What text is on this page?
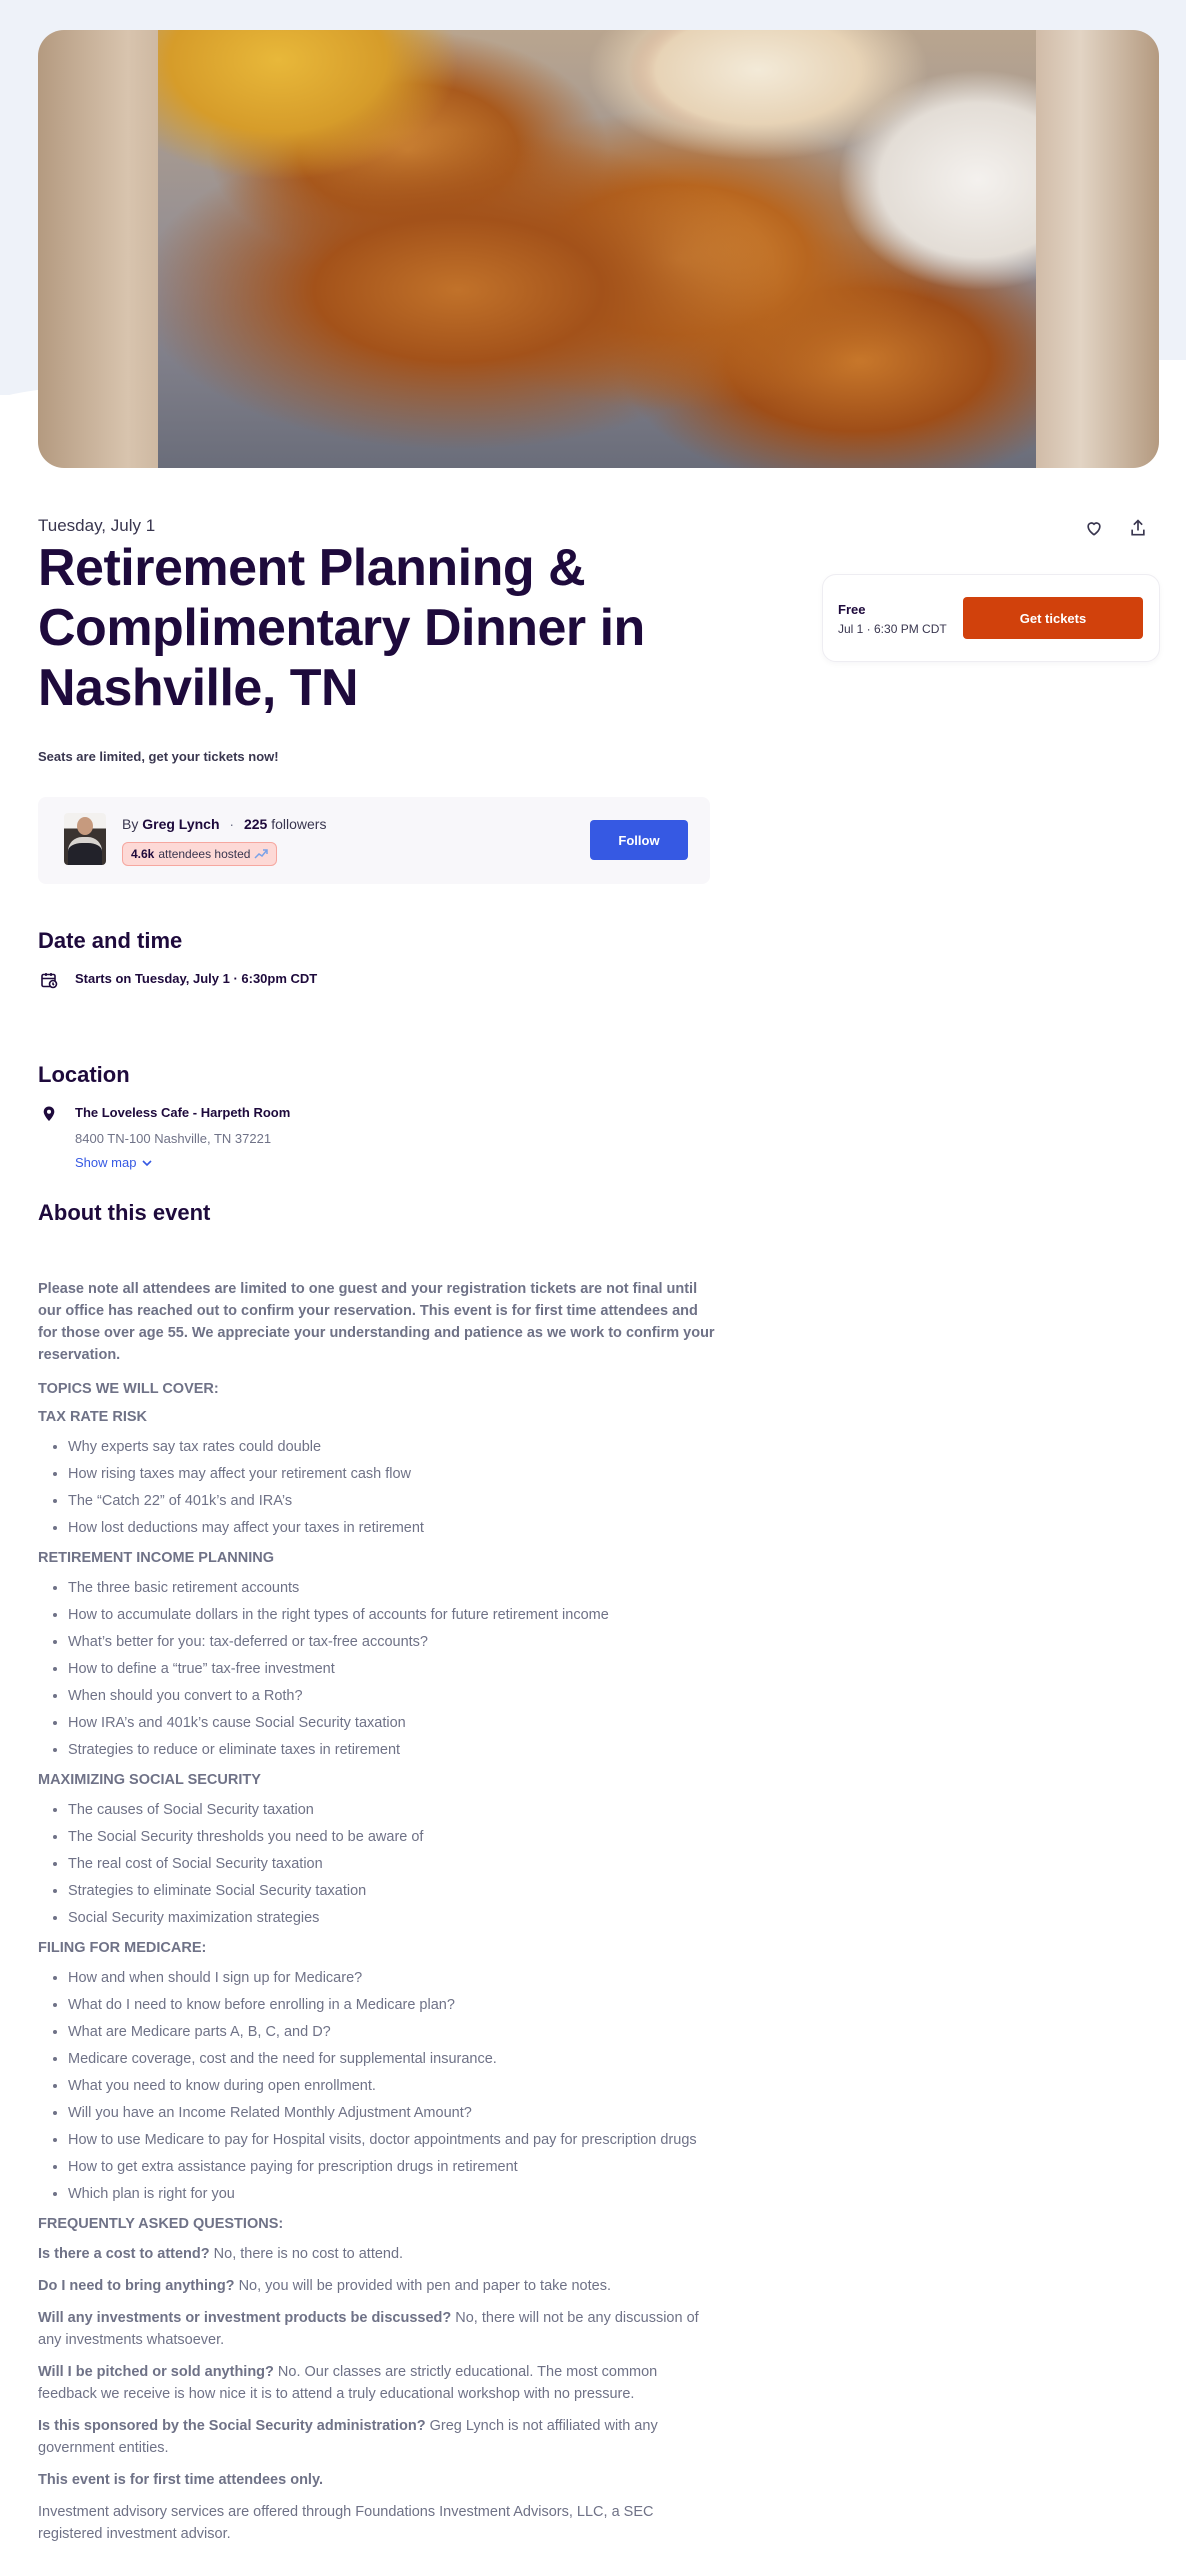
Tuesday, July 1
Retirement Planning & Complimentary Dinner in Nashville, TN
Seats are limited, get your tickets now!
By Greg Lynch · 225 followers
4.6k attendees hosted
Follow
Free
Jul 1 · 6:30 PM CDT
Get tickets
Date and time
Starts on Tuesday, July 1 · 6:30pm CDT
Location
The Loveless Cafe - Harpeth Room
8400 TN-100 Nashville, TN 37221
Show map
About this event

Please note all attendees are limited to one guest and your registration tickets are not final until our office has reached out to confirm your reservation. This event is for first time attendees and for those over age 55. We appreciate your understanding and patience as we work to confirm your reservation.

TOPICS WE WILL COVER:

TAX RATE RISK

• Why experts say tax rates could double
• How rising taxes may affect your retirement cash flow
• The “Catch 22” of 401k’s and IRA’s
• How lost deductions may affect your taxes in retirement

RETIREMENT INCOME PLANNING

• The three basic retirement accounts
• How to accumulate dollars in the right types of accounts for future retirement income
• What’s better for you: tax-deferred or tax-free accounts?
• How to define a “true” tax-free investment
• When should you convert to a Roth?
• How IRA’s and 401k’s cause Social Security taxation
• Strategies to reduce or eliminate taxes in retirement

MAXIMIZING SOCIAL SECURITY

• The causes of Social Security taxation
• The Social Security thresholds you need to be aware of
• The real cost of Social Security taxation
• Strategies to eliminate Social Security taxation
• Social Security maximization strategies

FILING FOR MEDICARE:

• How and when should I sign up for Medicare?
• What do I need to know before enrolling in a Medicare plan?
• What are Medicare parts A, B, C, and D?
• Medicare coverage, cost and the need for supplemental insurance.
• What you need to know during open enrollment.
• Will you have an Income Related Monthly Adjustment Amount?
• How to use Medicare to pay for Hospital visits, doctor appointments and pay for prescription drugs
• How to get extra assistance paying for prescription drugs in retirement
• Which plan is right for you

FREQUENTLY ASKED QUESTIONS:

Is there a cost to attend? No, there is no cost to attend.

Do I need to bring anything? No, you will be provided with pen and paper to take notes.

Will any investments or investment products be discussed? No, there will not be any discussion of any investments whatsoever.

Will I be pitched or sold anything? No. Our classes are strictly educational. The most common feedback we receive is how nice it is to attend a truly educational workshop with no pressure.

Is this sponsored by the Social Security administration? Greg Lynch is not affiliated with any government entities.

This event is for first time attendees only.

Investment advisory services are offered through Foundations Investment Advisors, LLC, a SEC registered investment advisor.
